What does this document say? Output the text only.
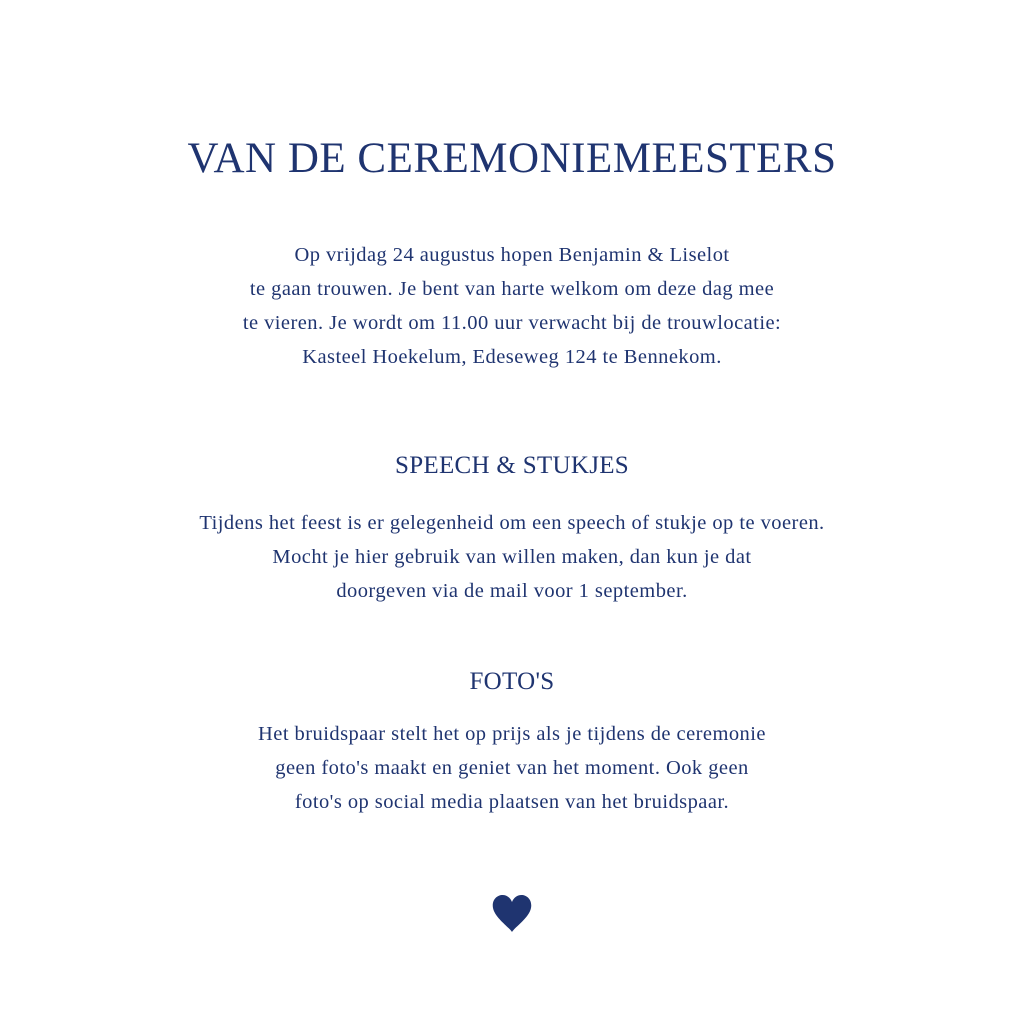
VAN DE CEREMONIEMEESTERS
Op vrijdag 24 augustus hopen Benjamin & Liselot
te gaan trouwen. Je bent van harte welkom om deze dag mee
te vieren. Je wordt om 11.00 uur verwacht bij de trouwlocatie:
Kasteel Hoekelum, Edeseweg 124 te Bennekom.
SPEECH & STUKJES
Tijdens het feest is er gelegenheid om een speech of stukje op te voeren.
Mocht je hier gebruik van willen maken, dan kun je dat
doorgeven via de mail voor 1 september.
FOTO'S
Het bruidspaar stelt het op prijs als je tijdens de ceremonie
geen foto's maakt en geniet van het moment. Ook geen
foto's op social media plaatsen van het bruidspaar.
